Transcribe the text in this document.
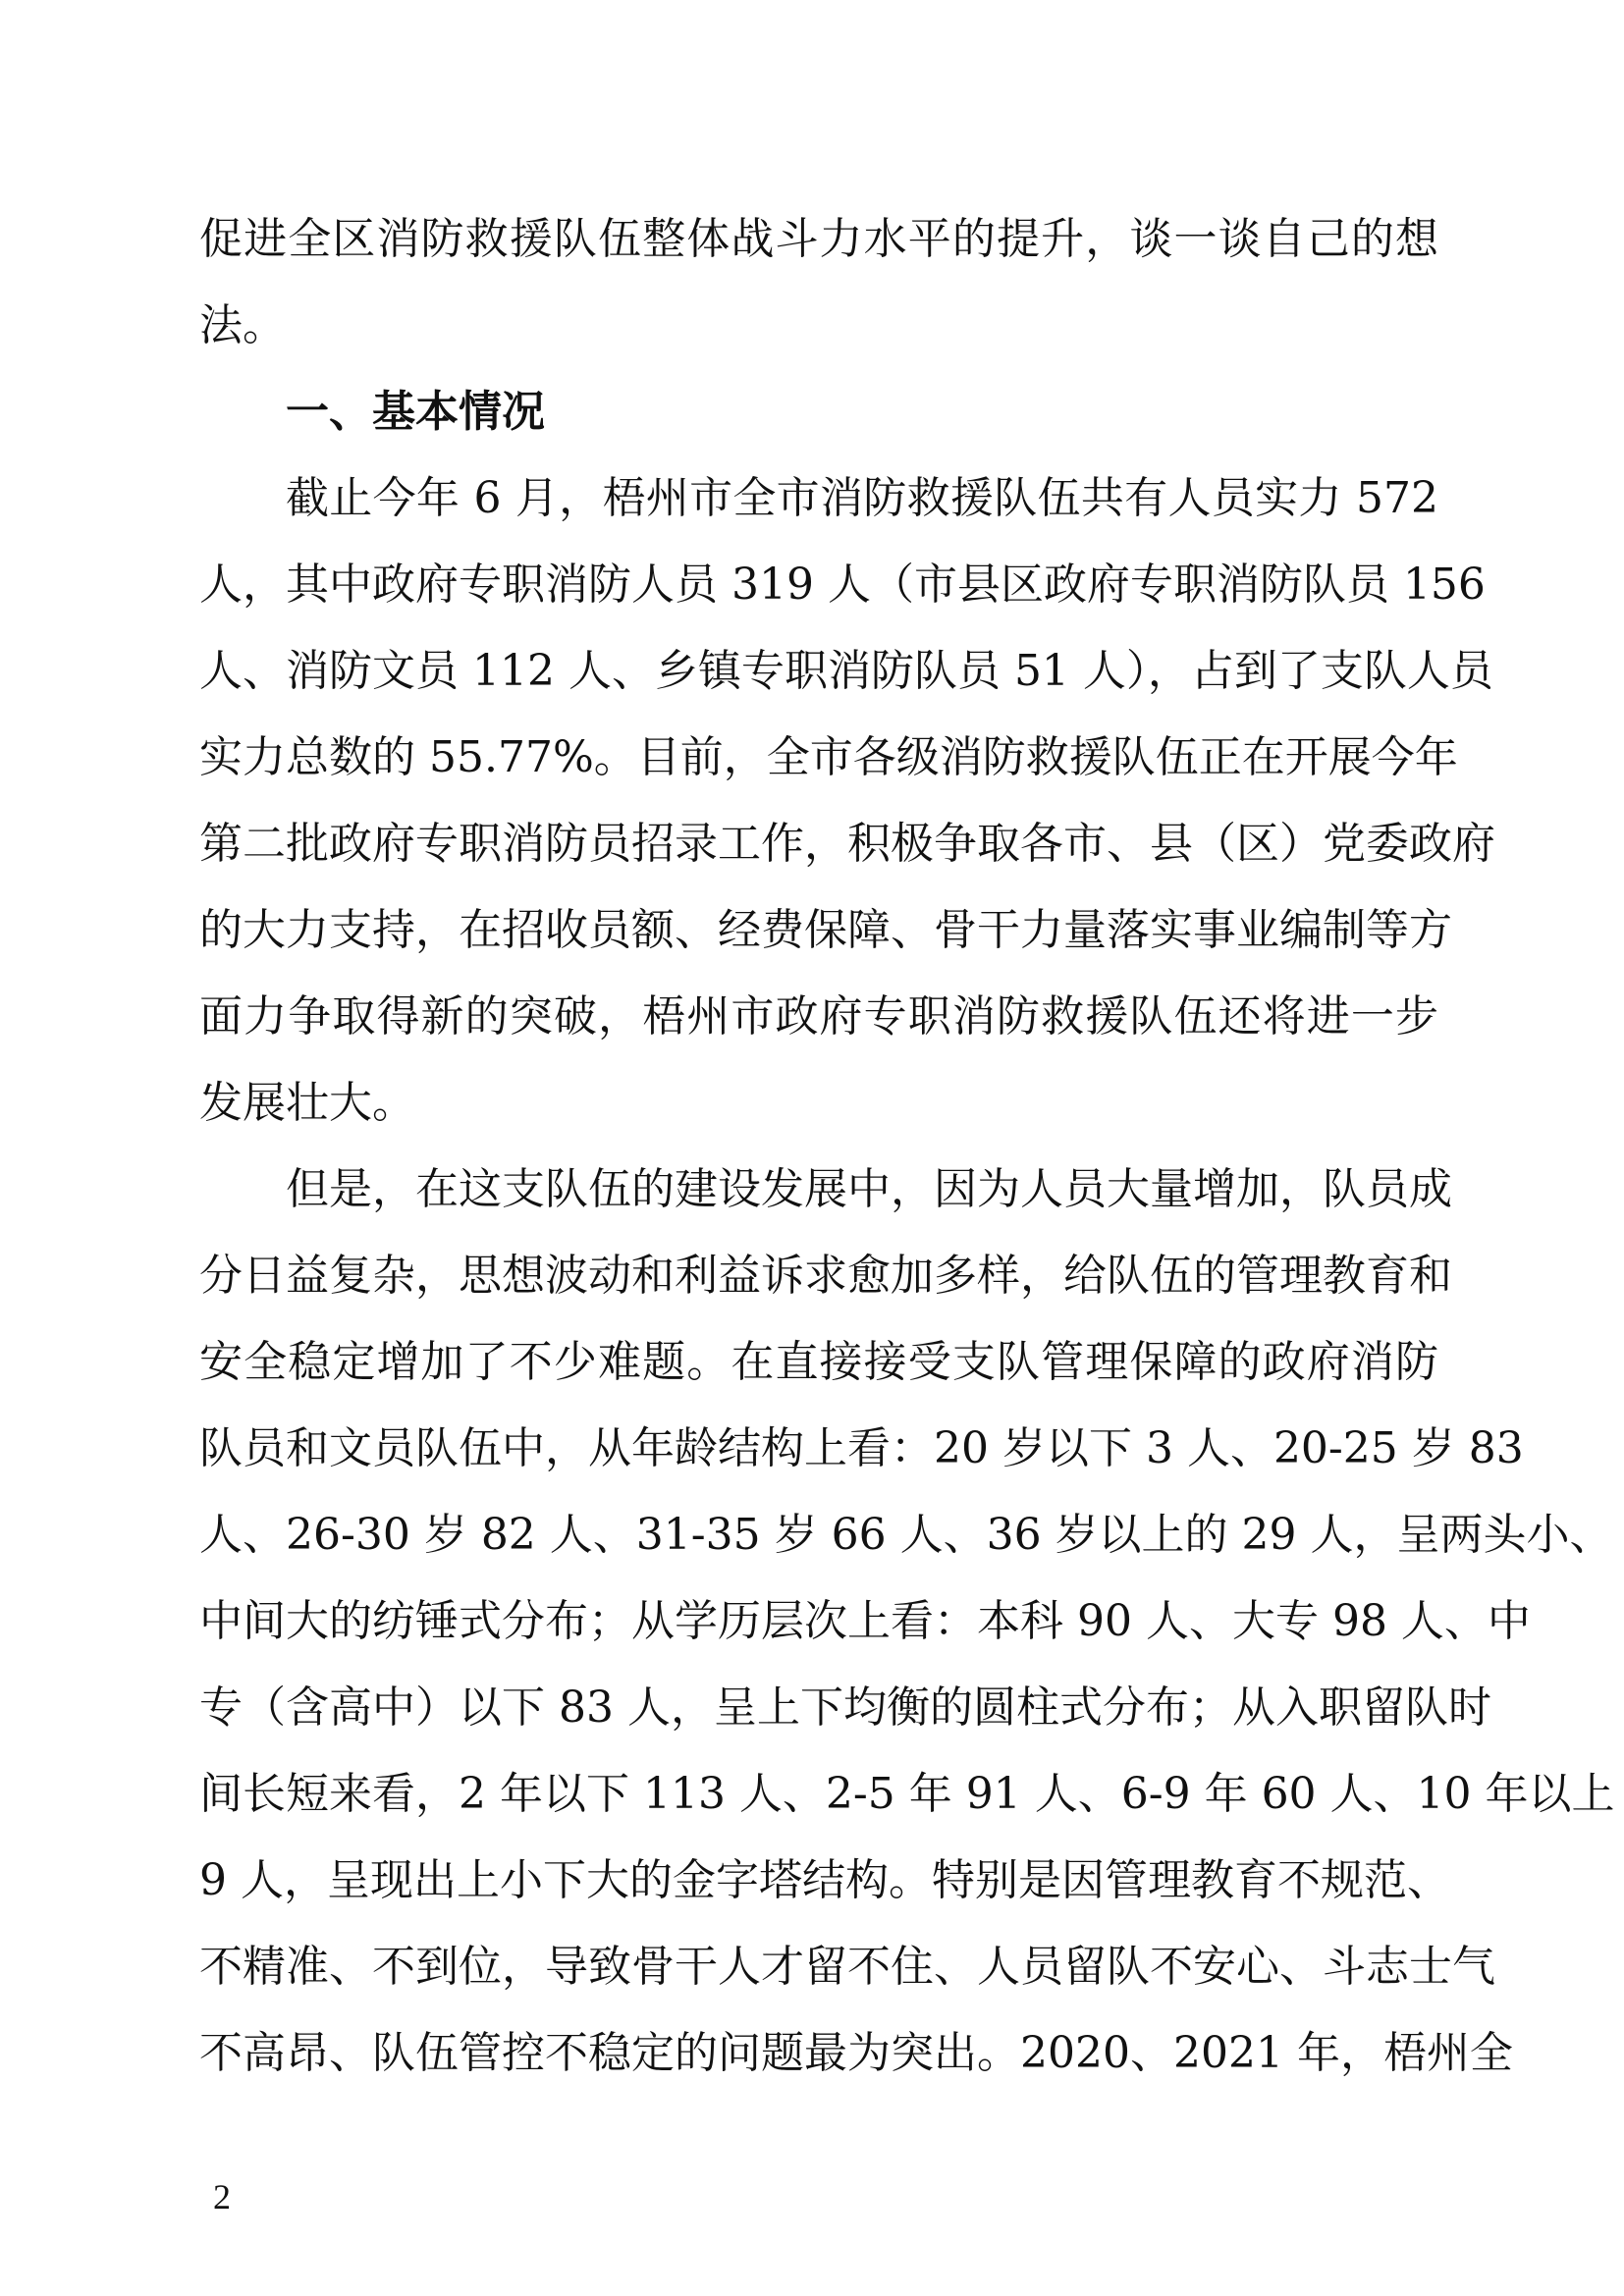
促进全区消防救援队伍整体战斗力水平的提升，谈一谈自己的想
法。
一、基本情况
截止今年 6 月，梧州市全市消防救援队伍共有人员实力 572
人，其中政府专职消防人员 319 人（市县区政府专职消防队员 156
人、消防文员 112 人、乡镇专职消防队员 51 人），占到了支队人员
实力总数的 55.77%。目前，全市各级消防救援队伍正在开展今年
第二批政府专职消防员招录工作，积极争取各市、县（区）党委政府
的大力支持，在招收员额、经费保障、骨干力量落实事业编制等方
面力争取得新的突破，梧州市政府专职消防救援队伍还将进一步
发展壮大。
但是，在这支队伍的建设发展中，因为人员大量增加，队员成
分日益复杂，思想波动和利益诉求愈加多样，给队伍的管理教育和
安全稳定增加了不少难题。在直接接受支队管理保障的政府消防
队员和文员队伍中，从年龄结构上看：20 岁以下 3 人、20-25 岁 83
人、26-30 岁 82 人、31-35 岁 66 人、36 岁以上的 29 人，呈两头小、
中间大的纺锤式分布；从学历层次上看：本科 90 人、大专 98 人、中
专（含高中）以下 83 人，呈上下均衡的圆柱式分布；从入职留队时
间长短来看，2 年以下 113 人、2-5 年 91 人、6-9 年 60 人、10 年以上
9 人，呈现出上小下大的金字塔结构。特别是因管理教育不规范、
不精准、不到位，导致骨干人才留不住、人员留队不安心、斗志士气
不高昂、队伍管控不稳定的问题最为突出。2020、2021 年，梧州全
2
